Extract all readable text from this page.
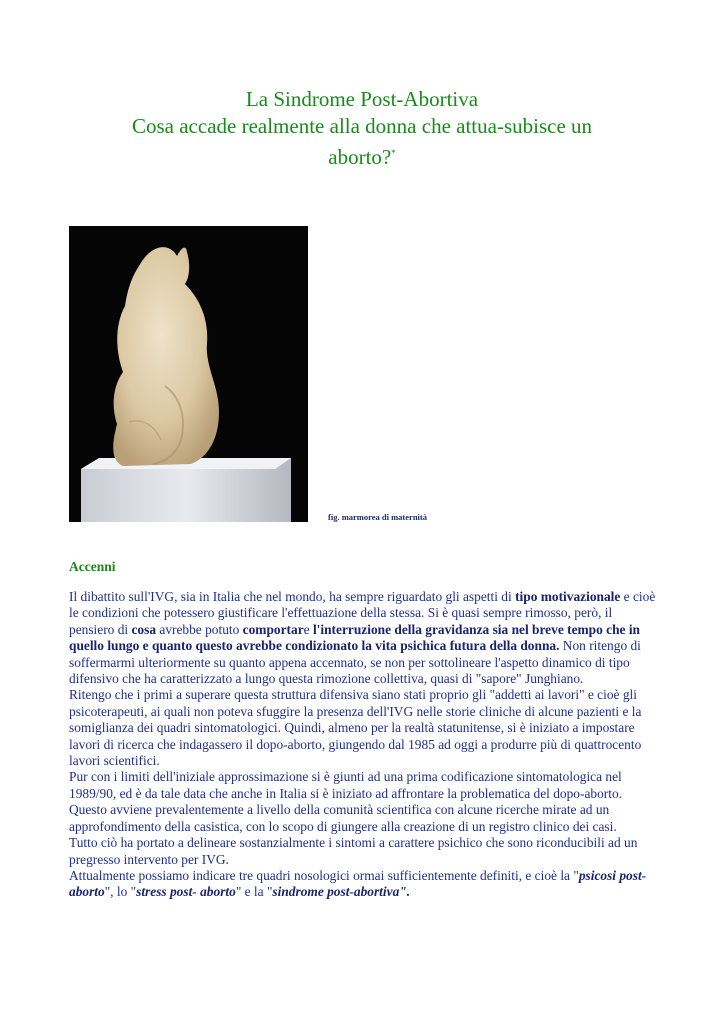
La Sindrome Post-Abortiva
Cosa accade realmente alla donna che attua-subisce un
aborto?*
fig. marmorea di maternità
Accenni

Il dibattito sull'IVG, sia in Italia che nel mondo, ha sempre riguardato gli aspetti di tipo motivazionale e cioè le condizioni che potessero giustificare l'effettuazione della stessa. Si è quasi sempre rimosso, però, il pensiero di cosa avrebbe potuto comportare l'interruzione della gravidanza sia nel breve tempo che in quello lungo e quanto questo avrebbe condizionato la vita psichica futura della donna. Non ritengo di soffermarmi ulteriormente su quanto appena accennato, se non per sottolineare l'aspetto dinamico di tipo difensivo che ha caratterizzato a lungo questa rimozione collettiva, quasi di "sapore" Junghiano.

Ritengo che i primi a superare questa struttura difensiva siano stati proprio gli "addetti ai lavori" e cioè gli psicoterapeuti, ai quali non poteva sfuggire la presenza dell'IVG nelle storie cliniche di alcune pazienti e la somiglianza dei quadri sintomatologici. Quindi, almeno per la realtà statunitense, si è iniziato a impostare lavori di ricerca che indagassero il dopo-aborto, giungendo dal 1985 ad oggi a produrre più di quattrocento lavori scientifici.

Pur con i limiti dell'iniziale approssimazione si è giunti ad una prima codificazione sintomatologica nel 1989/90, ed è da tale data che anche in Italia si è iniziato ad affrontare la problematica del dopo-aborto. Questo avviene prevalentemente a livello della comunità scientifica con alcune ricerche mirate ad un approfondimento della casistica, con lo scopo di giungere alla creazione di un registro clinico dei casi.

Tutto ciò ha portato a delineare sostanzialmente i sintomi a carattere psichico che sono riconducibili ad un pregresso intervento per IVG.

Attualmente possiamo indicare tre quadri nosologici ormai sufficientemente definiti, e cioè la "psicosi post-aborto", lo "stress post- aborto" e la "sindrome post-abortiva".
